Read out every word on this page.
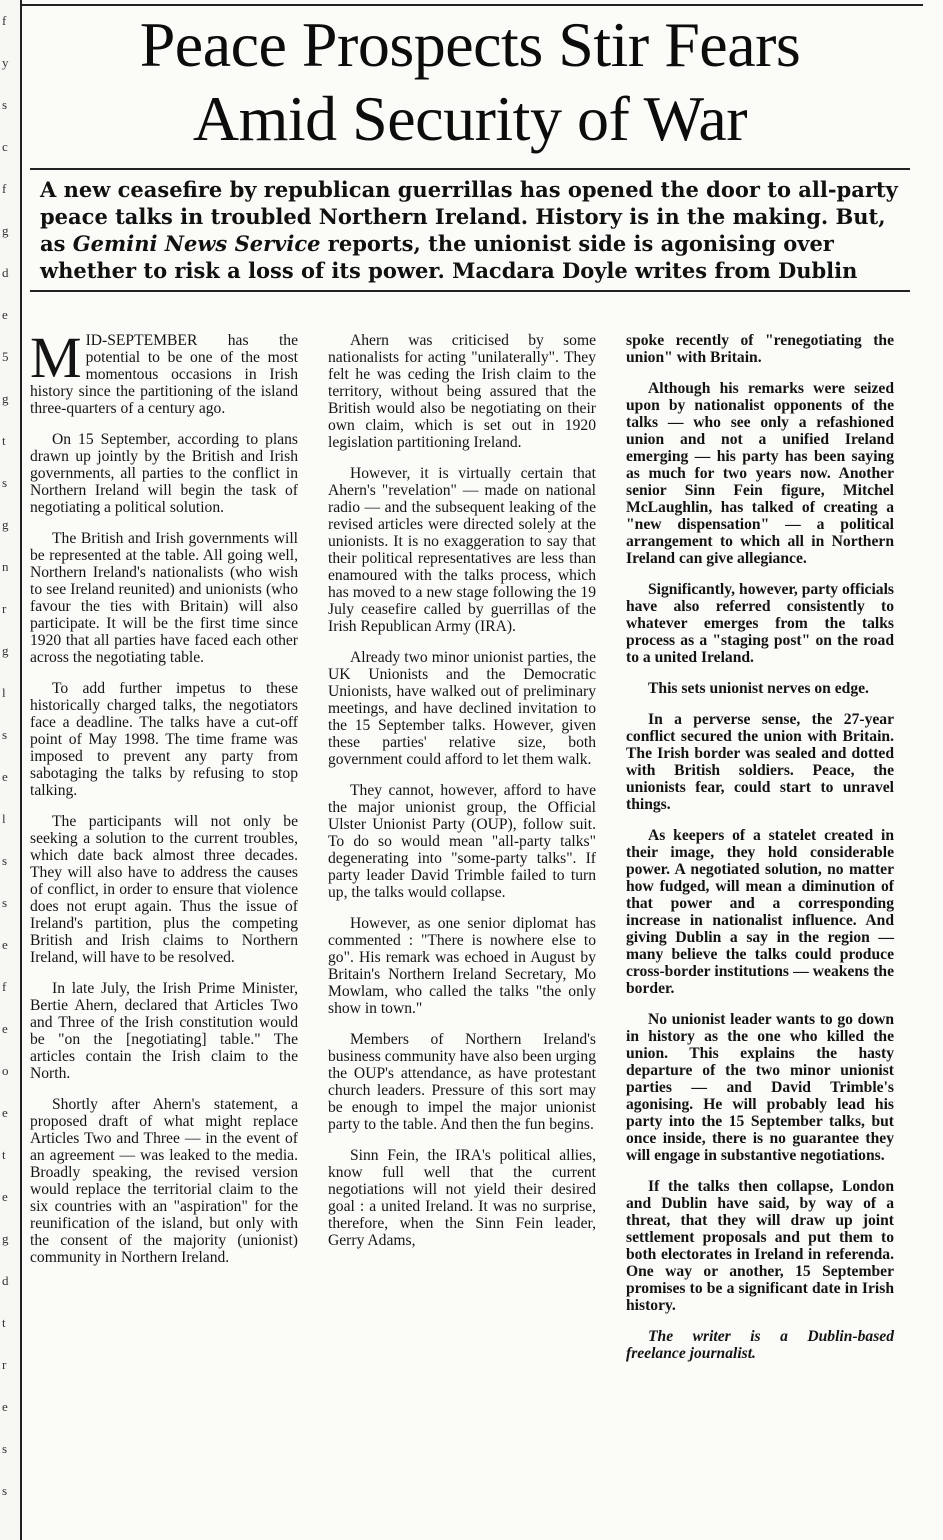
f
y
s
c
f
g
d
e
5
g
t
s
g
n
r
g
l
s
e
l
s
s
e
f
e
o
e
t
e
g
d
t
r
e
s
s
Peace Prospects Stir Fears
Amid Security of War
A new ceasefire by republican guerrillas has opened the door to all-party peace talks in troubled Northern Ireland. History is in the making. But, as Gemini News Service reports, the unionist side is agonising over whether to risk a loss of its power. Macdara Doyle writes from Dublin

MID-SEPTEMBER has the potential to be one of the most momentous occasions in Irish history since the partitioning of the island three-quarters of a century ago.

On 15 September, according to plans drawn up jointly by the British and Irish governments, all parties to the conflict in Northern Ireland will begin the task of negotiating a political solution.

The British and Irish governments will be represented at the table. All going well, Northern Ireland's nationalists (who wish to see Ireland reunited) and unionists (who favour the ties with Britain) will also participate. It will be the first time since 1920 that all parties have faced each other across the negotiating table.

To add further impetus to these historically charged talks, the negotiators face a deadline. The talks have a cut-off point of May 1998. The time frame was imposed to prevent any party from sabotaging the talks by refusing to stop talking.

The participants will not only be seeking a solution to the current troubles, which date back almost three decades. They will also have to address the causes of conflict, in order to ensure that violence does not erupt again. Thus the issue of Ireland's partition, plus the competing British and Irish claims to Northern Ireland, will have to be resolved.

In late July, the Irish Prime Minister, Bertie Ahern, declared that Articles Two and Three of the Irish constitution would be "on the [negotiating] table." The articles contain the Irish claim to the North.

Shortly after Ahern's statement, a proposed draft of what might replace Articles Two and Three — in the event of an agreement — was leaked to the media. Broadly speaking, the revised version would replace the territorial claim to the six countries with an "aspiration" for the reunification of the island, but only with the consent of the majority (unionist) community in Northern Ireland.

Ahern was criticised by some nationalists for acting "unilaterally". They felt he was ceding the Irish claim to the territory, without being assured that the British would also be negotiating on their own claim, which is set out in 1920 legislation partitioning Ireland.

However, it is virtually certain that Ahern's "revelation" — made on national radio — and the subsequent leaking of the revised articles were directed solely at the unionists. It is no exaggeration to say that their political representatives are less than enamoured with the talks process, which has moved to a new stage following the 19 July ceasefire called by guerrillas of the Irish Republican Army (IRA).

Already two minor unionist parties, the UK Unionists and the Democratic Unionists, have walked out of preliminary meetings, and have declined invitation to the 15 September talks. However, given these parties' relative size, both government could afford to let them walk.

They cannot, however, afford to have the major unionist group, the Official Ulster Unionist Party (OUP), follow suit. To do so would mean "all-party talks" degenerating into "some-party talks". If party leader David Trimble failed to turn up, the talks would collapse.

However, as one senior diplomat has commented : "There is nowhere else to go". His remark was echoed in August by Britain's Northern Ireland Secretary, Mo Mowlam, who called the talks "the only show in town."

Members of Northern Ireland's business community have also been urging the OUP's attendance, as have protestant church leaders. Pressure of this sort may be enough to impel the major unionist party to the table. And then the fun begins.

Sinn Fein, the IRA's political allies, know full well that the current negotiations will not yield their desired goal : a united Ireland. It was no surprise, therefore, when the Sinn Fein leader, Gerry Adams,

spoke recently of "renegotiating the union" with Britain.

Although his remarks were seized upon by nationalist opponents of the talks — who see only a refashioned union and not a unified Ireland emerging — his party has been saying as much for two years now. Another senior Sinn Fein figure, Mitchel McLaughlin, has talked of creating a "new dispensation" — a political arrangement to which all in Northern Ireland can give allegiance.

Significantly, however, party officials have also referred consistently to whatever emerges from the talks process as a "staging post" on the road to a united Ireland.

This sets unionist nerves on edge.

In a perverse sense, the 27-year conflict secured the union with Britain. The Irish border was sealed and dotted with British soldiers. Peace, the unionists fear, could start to unravel things.

As keepers of a statelet created in their image, they hold considerable power. A negotiated solution, no matter how fudged, will mean a diminution of that power and a corresponding increase in nationalist influence. And giving Dublin a say in the region — many believe the talks could produce cross-border institutions — weakens the border.

No unionist leader wants to go down in history as the one who killed the union. This explains the hasty departure of the two minor unionist parties — and David Trimble's agonising. He will probably lead his party into the 15 September talks, but once inside, there is no guarantee they will engage in substantive negotiations.

If the talks then collapse, London and Dublin have said, by way of a threat, that they will draw up joint settlement proposals and put them to both electorates in Ireland in referenda. One way or another, 15 September promises to be a significant date in Irish history.

The writer is a Dublin-based freelance journalist.
